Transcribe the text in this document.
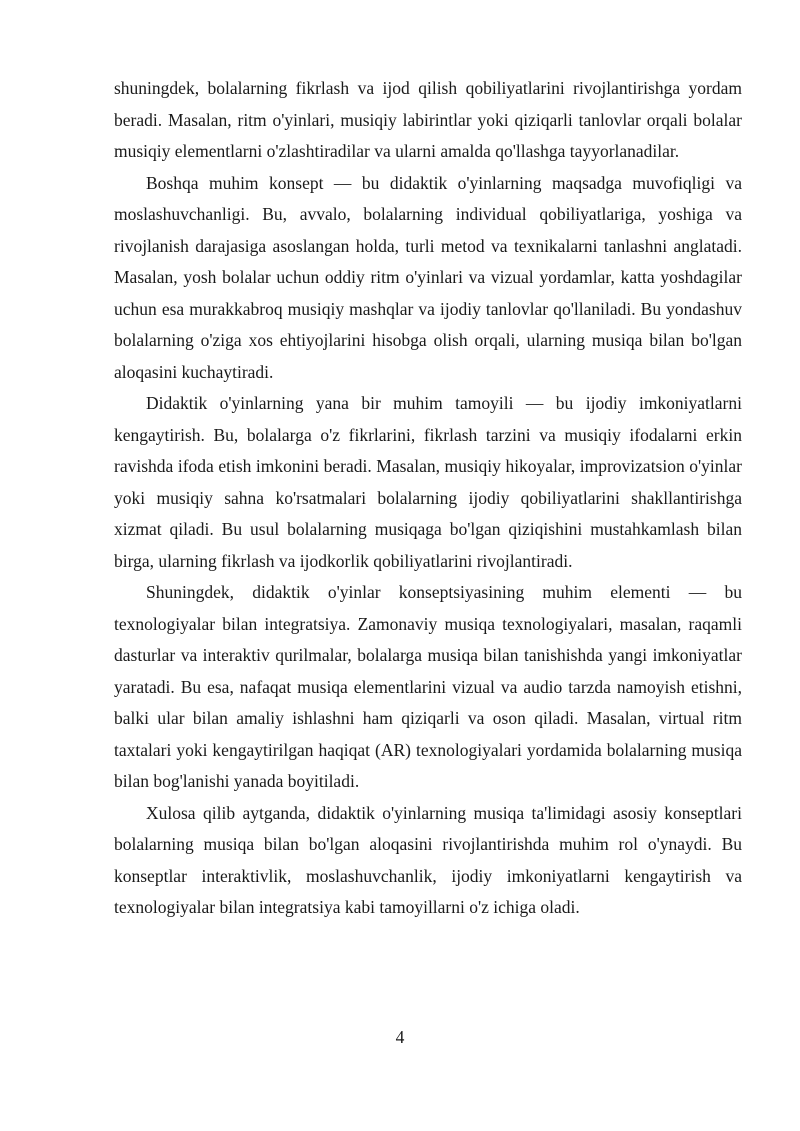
shuningdek, bolalarning fikrlash va ijod qilish qobiliyatlarini rivojlantirishga yordam beradi. Masalan, ritm o'yinlari, musiqiy labirintlar yoki qiziqarli tanlovlar orqali bolalar musiqiy elementlarni o'zlashtiradilar va ularni amalda qo'llashga tayyorlanadilar.

Boshqa muhim konsept — bu didaktik o'yinlarning maqsadga muvofiqligi va moslashuvchanligi. Bu, avvalo, bolalarning individual qobiliyatlariga, yoshiga va rivojlanish darajasiga asoslangan holda, turli metod va texnikalarni tanlashni anglatadi. Masalan, yosh bolalar uchun oddiy ritm o'yinlari va vizual yordamlar, katta yoshdagilar uchun esa murakkabroq musiqiy mashqlar va ijodiy tanlovlar qo'llaniladi. Bu yondashuv bolalarning o'ziga xos ehtiyojlarini hisobga olish orqali, ularning musiqa bilan bo'lgan aloqasini kuchaytiradi.

Didaktik o'yinlarning yana bir muhim tamoyili — bu ijodiy imkoniyatlarni kengaytirish. Bu, bolalarga o'z fikrlarini, fikrlash tarzini va musiqiy ifodalarni erkin ravishda ifoda etish imkonini beradi. Masalan, musiqiy hikoyalar, improvizatsion o'yinlar yoki musiqiy sahna ko'rsatmalari bolalarning ijodiy qobiliyatlarini shakllantirishga xizmat qiladi. Bu usul bolalarning musiqaga bo'lgan qiziqishini mustahkamlash bilan birga, ularning fikrlash va ijodkorlik qobiliyatlarini rivojlantiradi.

Shuningdek, didaktik o'yinlar konseptsiyasining muhim elementi — bu texnologiyalar bilan integratsiya. Zamonaviy musiqa texnologiyalari, masalan, raqamli dasturlar va interaktiv qurilmalar, bolalarga musiqa bilan tanishishda yangi imkoniyatlar yaratadi. Bu esa, nafaqat musiqa elementlarini vizual va audio tarzda namoyish etishni, balki ular bilan amaliy ishlashni ham qiziqarli va oson qiladi. Masalan, virtual ritm taxtalari yoki kengaytirilgan haqiqat (AR) texnologiyalari yordamida bolalarning musiqa bilan bog'lanishi yanada boyitiladi.

Xulosa qilib aytganda, didaktik o'yinlarning musiqa ta'limidagi asosiy konseptlari bolalarning musiqa bilan bo'lgan aloqasini rivojlantirishda muhim rol o'ynaydi. Bu konseptlar interaktivlik, moslashuvchanlik, ijodiy imkoniyatlarni kengaytirish va texnologiyalar bilan integratsiya kabi tamoyillarni o'z ichiga oladi.

4
